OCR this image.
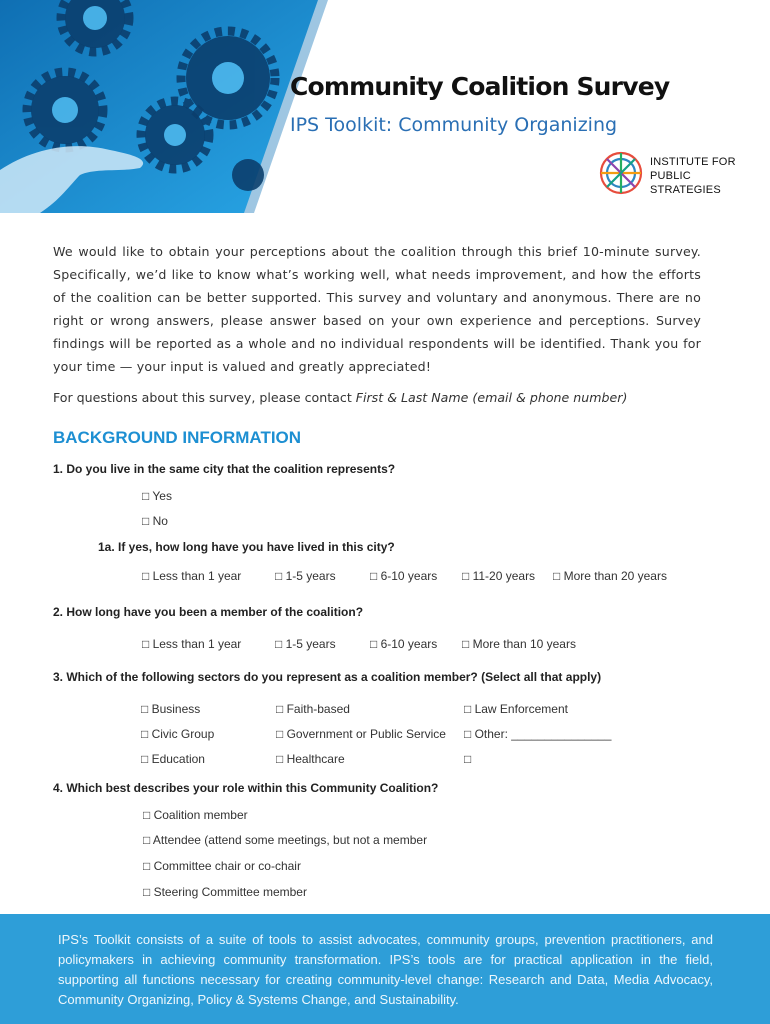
Community Coalition Survey
IPS Toolkit: Community Organizing
INSTITUTE FOR
PUBLIC
STRATEGIES
We would like to obtain your perceptions about the coalition through this brief 10-minute survey. Specifically, we’d like to know what’s working well, what needs improvement, and how the efforts of the coalition can be better supported. This survey and voluntary and anonymous. There are no right or wrong answers, please answer based on your own experience and perceptions. Survey findings will be reported as a whole and no individual respondents will be identified. Thank you for your time — your input is valued and greatly appreciated!
For questions about this survey, please contact First & Last Name (email & phone number)
BACKGROUND INFORMATION
1. Do you live in the same city that the coalition represents?
□ Yes
□ No
1a. If yes, how long have you have lived in this city?
□ Less than 1 year	□ 1-5 years	□ 6-10 years □ 11-20 years □ More than 20 years
2. How long have you been a member of the coalition?
□ Less than 1 year	□ 1-5 years	□ 6-10 years □ More than 10 years
3. Which of the following sectors do you represent as a coalition member? (Select all that apply)
□ Business	□ Faith-based	□ Law Enforcement
□ Civic Group	□ Government or Public Service □ Other: _______________
□ Education	□ Healthcare	□
4. Which best describes your role within this Community Coalition?
□ Coalition member
□ Attendee (attend some meetings, but not a member
□ Committee chair or co-chair
□ Steering Committee member

IPS’s Toolkit consists of a suite of tools to assist advocates, community groups, prevention practitioners, and policymakers in achieving community transformation. IPS’s tools are for practical application in the field, supporting all functions necessary for creating community-level change: Research and Data, Media Advocacy, Community Organizing, Policy & Systems Change, and Sustainability.
